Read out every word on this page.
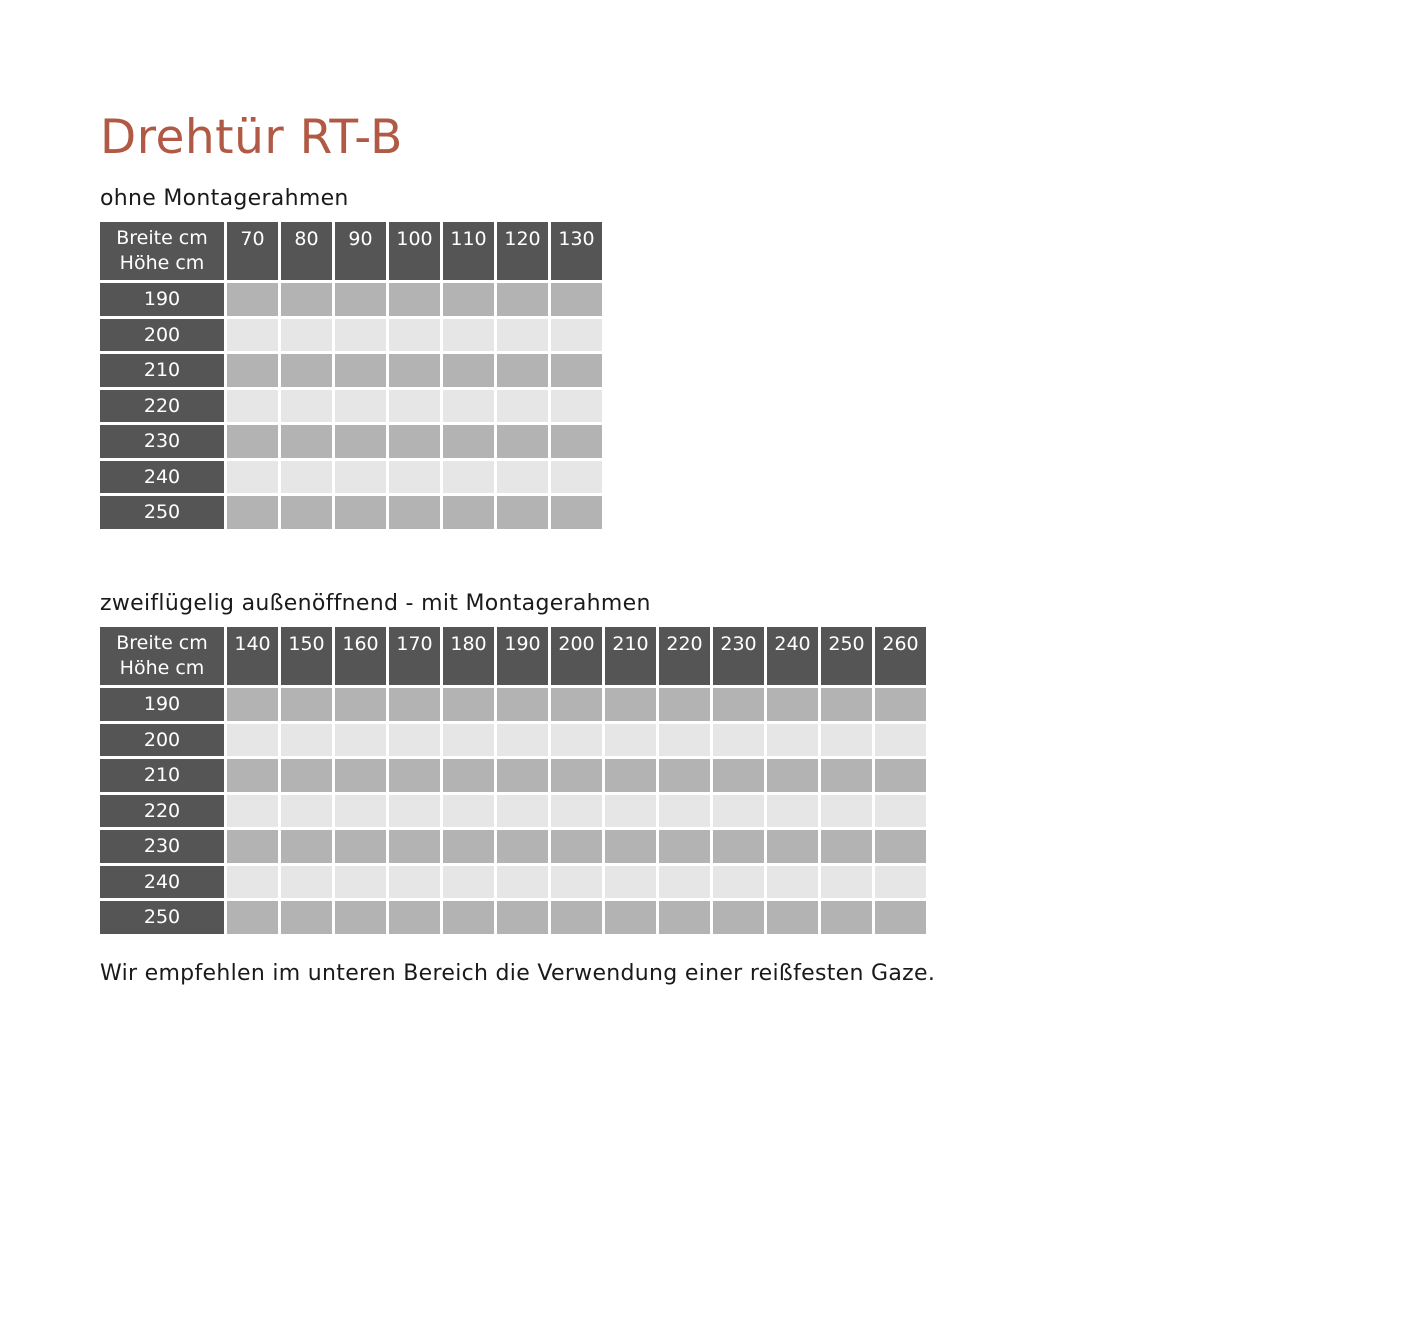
Drehtür RT-B
ohne Montagerahmen
Breite cm
Höhe cm	70	80	90	100	110	120	130
190							
200							
210							
220							
230							
240							
250							
zweiflügelig außenöffnend - mit Montagerahmen
Breite cm
Höhe cm	140	150	160	170	180	190	200	210	220	230	240	250	260
190													
200													
210													
220													
230													
240													
250													
Wir empfehlen im unteren Bereich die Verwendung einer reißfesten Gaze.
